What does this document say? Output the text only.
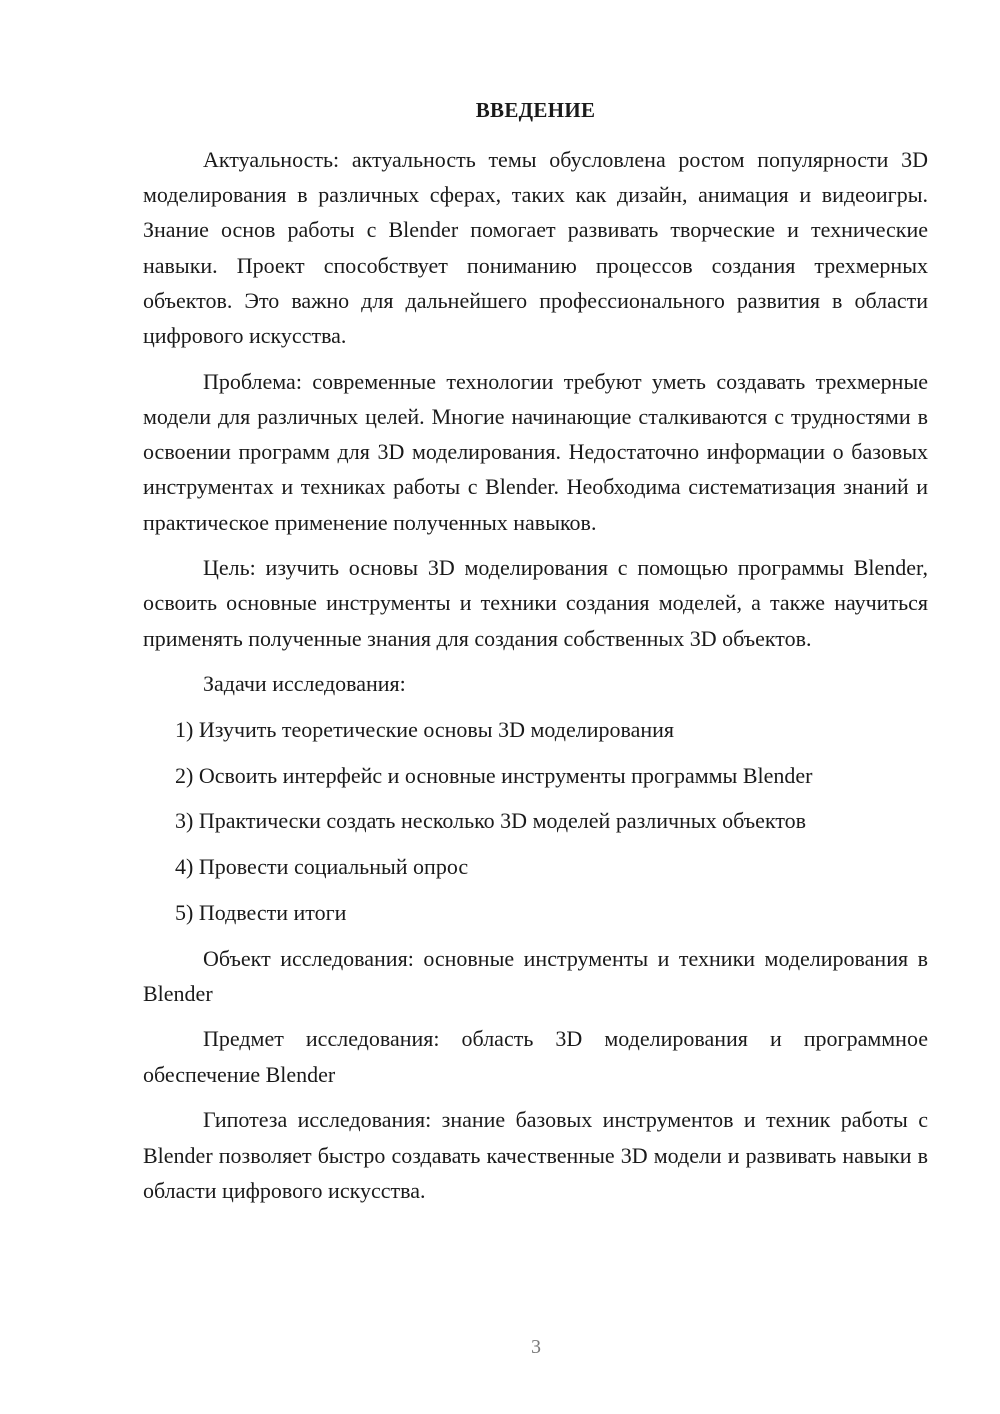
ВВЕДЕНИЕ

Актуальность: актуальность темы обусловлена ростом популярности 3D моделирования в различных сферах, таких как дизайн, анимация и видеоигры. Знание основ работы с Blender помогает развивать творческие и технические навыки. Проект способствует пониманию процессов создания трехмерных объектов. Это важно для дальнейшего профессионального развития в области цифрового искусства.

Проблема: современные технологии требуют уметь создавать трехмерные модели для различных целей. Многие начинающие сталкиваются с трудностями в освоении программ для 3D моделирования. Недостаточно информации о базовых инструментах и техниках работы с Blender. Необходима систематизация знаний и практическое применение полученных навыков.

Цель: изучить основы 3D моделирования с помощью программы Blender, освоить основные инструменты и техники создания моделей, а также научиться применять полученные знания для создания собственных 3D объектов.

Задачи исследования:

1) Изучить теоретические основы 3D моделирования

2) Освоить интерфейс и основные инструменты программы Blender

3) Практически создать несколько 3D моделей различных объектов

4) Провести социальный опрос

5) Подвести итоги

Объект исследования: основные инструменты и техники моделирования в Blender

Предмет исследования: область 3D моделирования и программное обеспечение Blender

Гипотеза исследования: знание базовых инструментов и техник работы с Blender позволяет быстро создавать качественные 3D модели и развивать навыки в области цифрового искусства.

3
